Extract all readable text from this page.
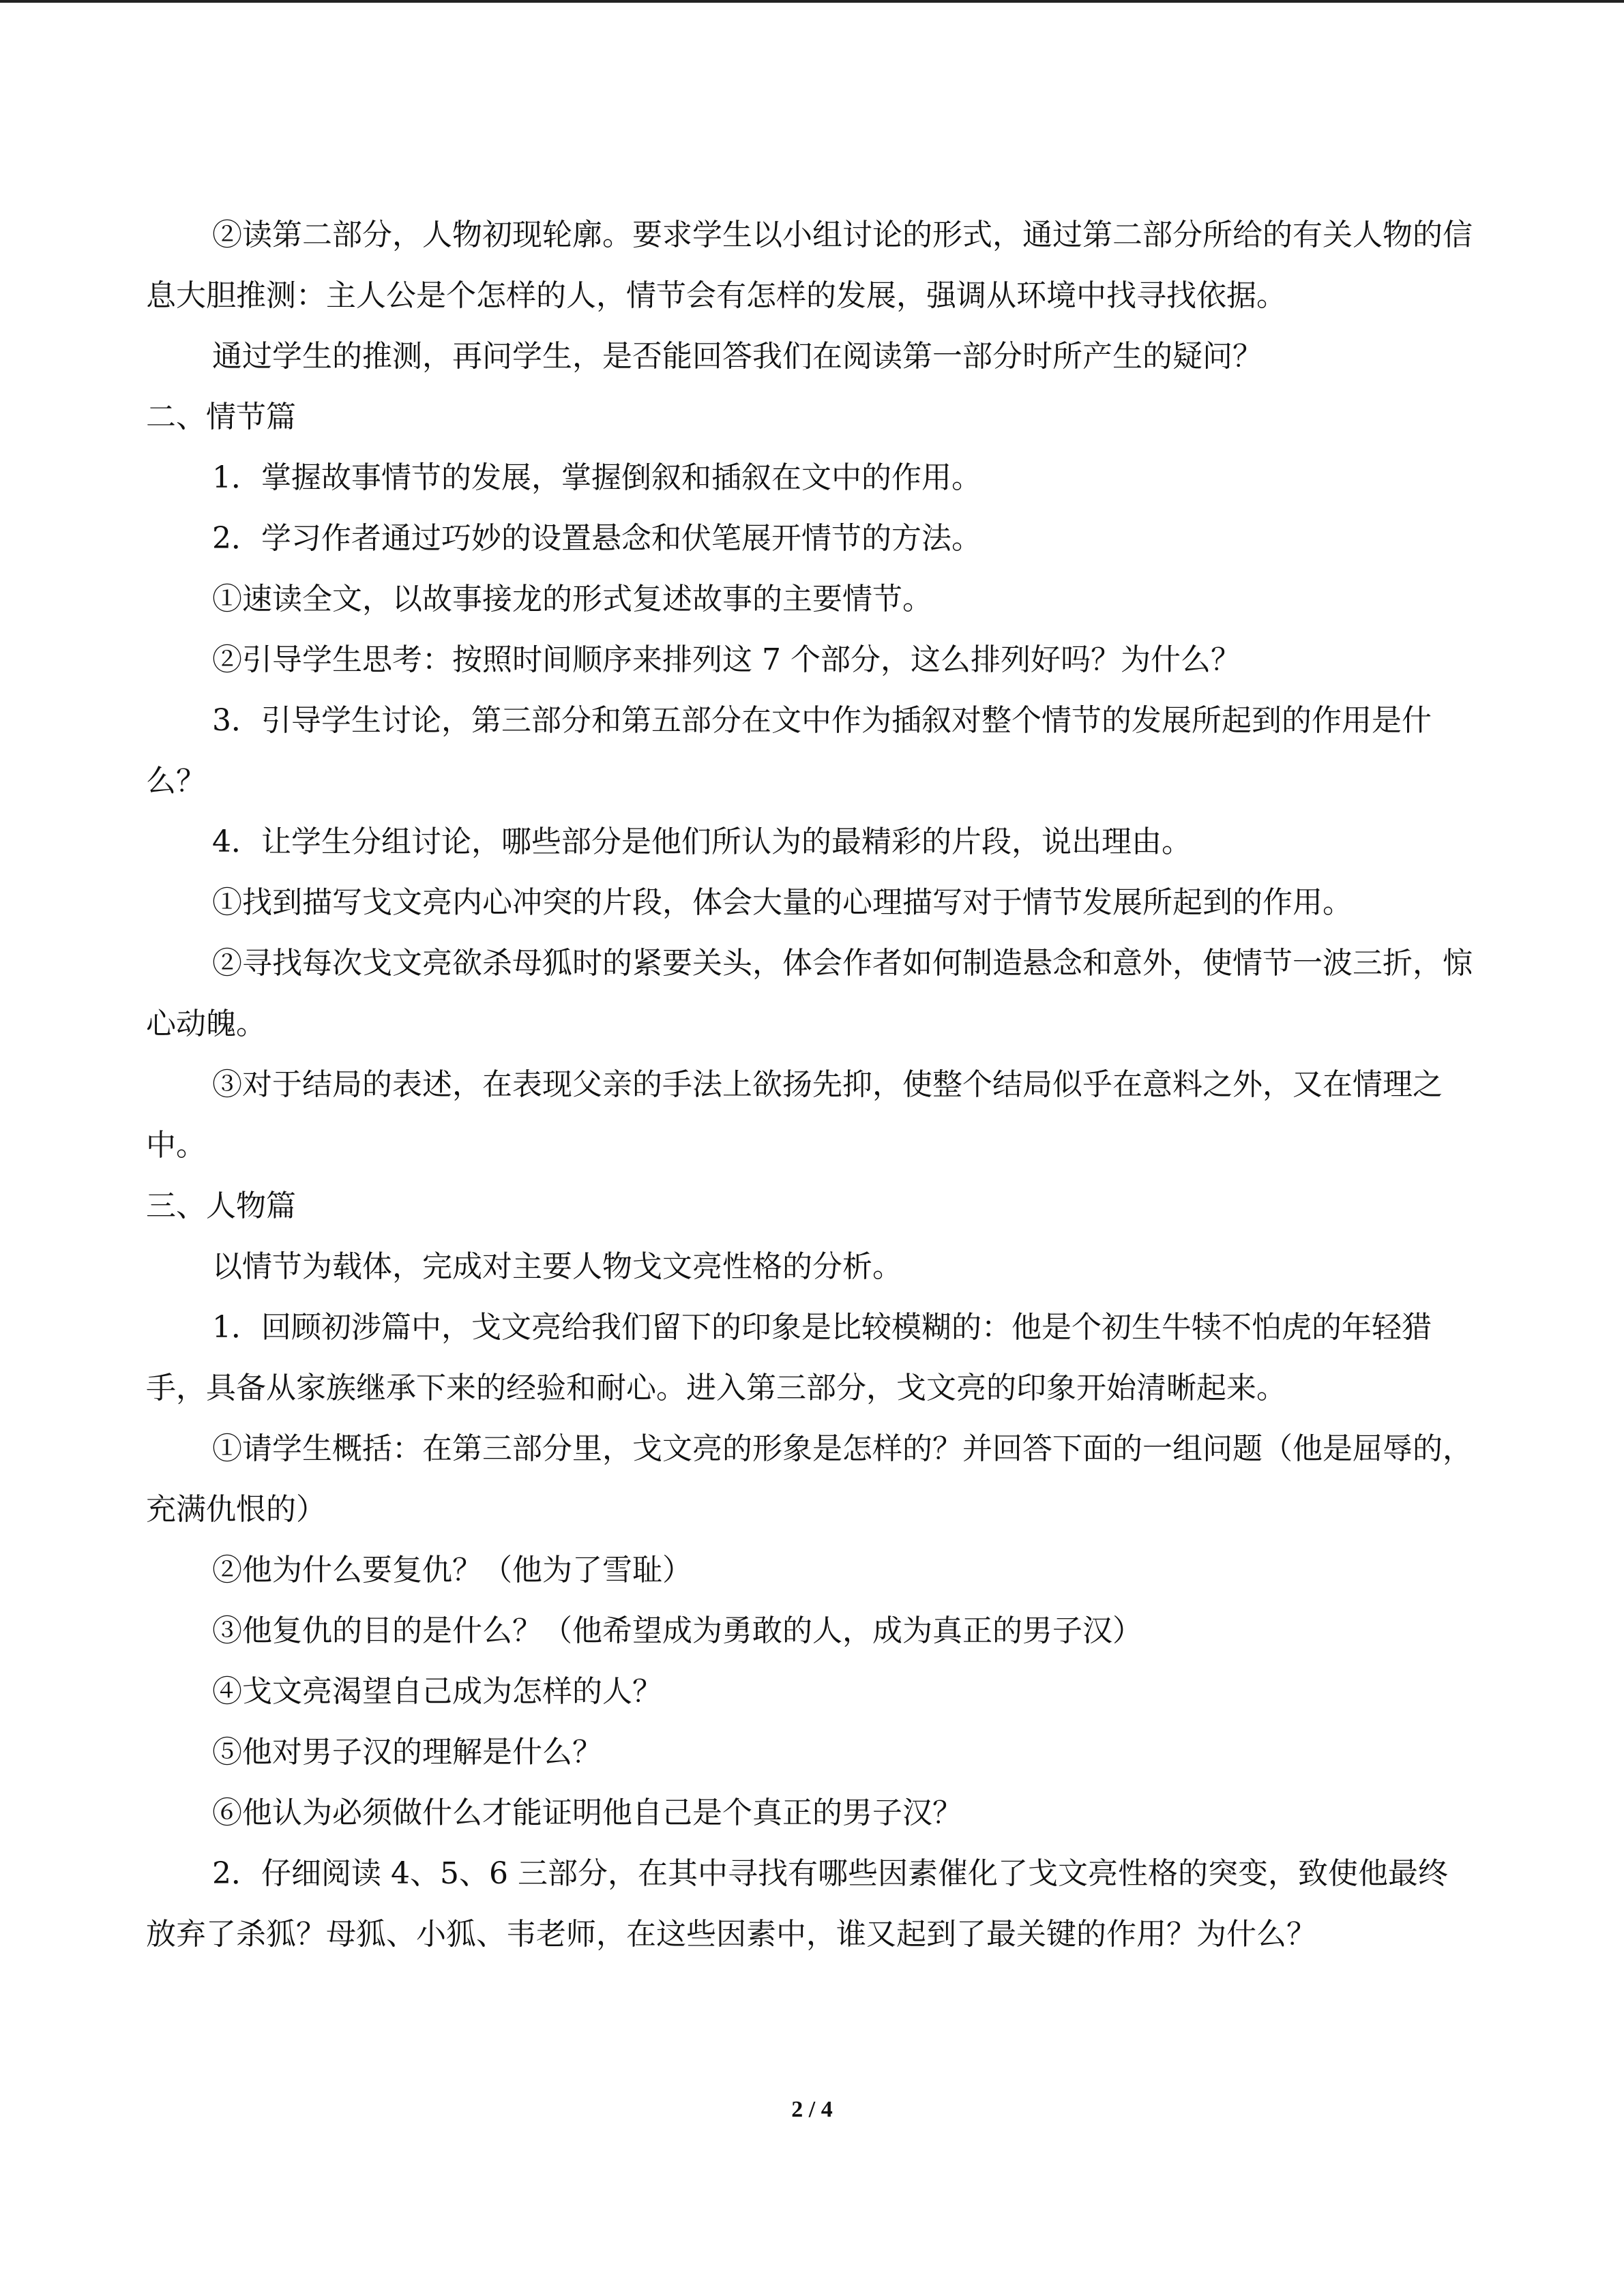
②读第二部分，人物初现轮廓。要求学生以小组讨论的形式，通过第二部分所给的有关人物的信息大胆推测：主人公是个怎样的人，情节会有怎样的发展，强调从环境中找寻找依据。

通过学生的推测，再问学生，是否能回答我们在阅读第一部分时所产生的疑问？

二、情节篇

1．掌握故事情节的发展，掌握倒叙和插叙在文中的作用。

2．学习作者通过巧妙的设置悬念和伏笔展开情节的方法。

①速读全文，以故事接龙的形式复述故事的主要情节。

②引导学生思考：按照时间顺序来排列这 7 个部分，这么排列好吗？为什么？

3．引导学生讨论，第三部分和第五部分在文中作为插叙对整个情节的发展所起到的作用是什么？

4．让学生分组讨论，哪些部分是他们所认为的最精彩的片段，说出理由。

①找到描写戈文亮内心冲突的片段，体会大量的心理描写对于情节发展所起到的作用。

②寻找每次戈文亮欲杀母狐时的紧要关头，体会作者如何制造悬念和意外，使情节一波三折，惊心动魄。

③对于结局的表述，在表现父亲的手法上欲扬先抑，使整个结局似乎在意料之外，又在情理之中。

三、人物篇

以情节为载体，完成对主要人物戈文亮性格的分析。

1．回顾初涉篇中，戈文亮给我们留下的印象是比较模糊的：他是个初生牛犊不怕虎的年轻猎手，具备从家族继承下来的经验和耐心。进入第三部分，戈文亮的印象开始清晰起来。

①请学生概括：在第三部分里，戈文亮的形象是怎样的？并回答下面的一组问题（他是屈辱的，充满仇恨的）

②他为什么要复仇？（他为了雪耻）

③他复仇的目的是什么？（他希望成为勇敢的人，成为真正的男子汉）

④戈文亮渴望自己成为怎样的人？

⑤他对男子汉的理解是什么？

⑥他认为必须做什么才能证明他自己是个真正的男子汉？

2．仔细阅读 4、5、6 三部分，在其中寻找有哪些因素催化了戈文亮性格的突变，致使他最终放弃了杀狐？母狐、小狐、韦老师，在这些因素中，谁又起到了最关键的作用？为什么？

2 / 4
